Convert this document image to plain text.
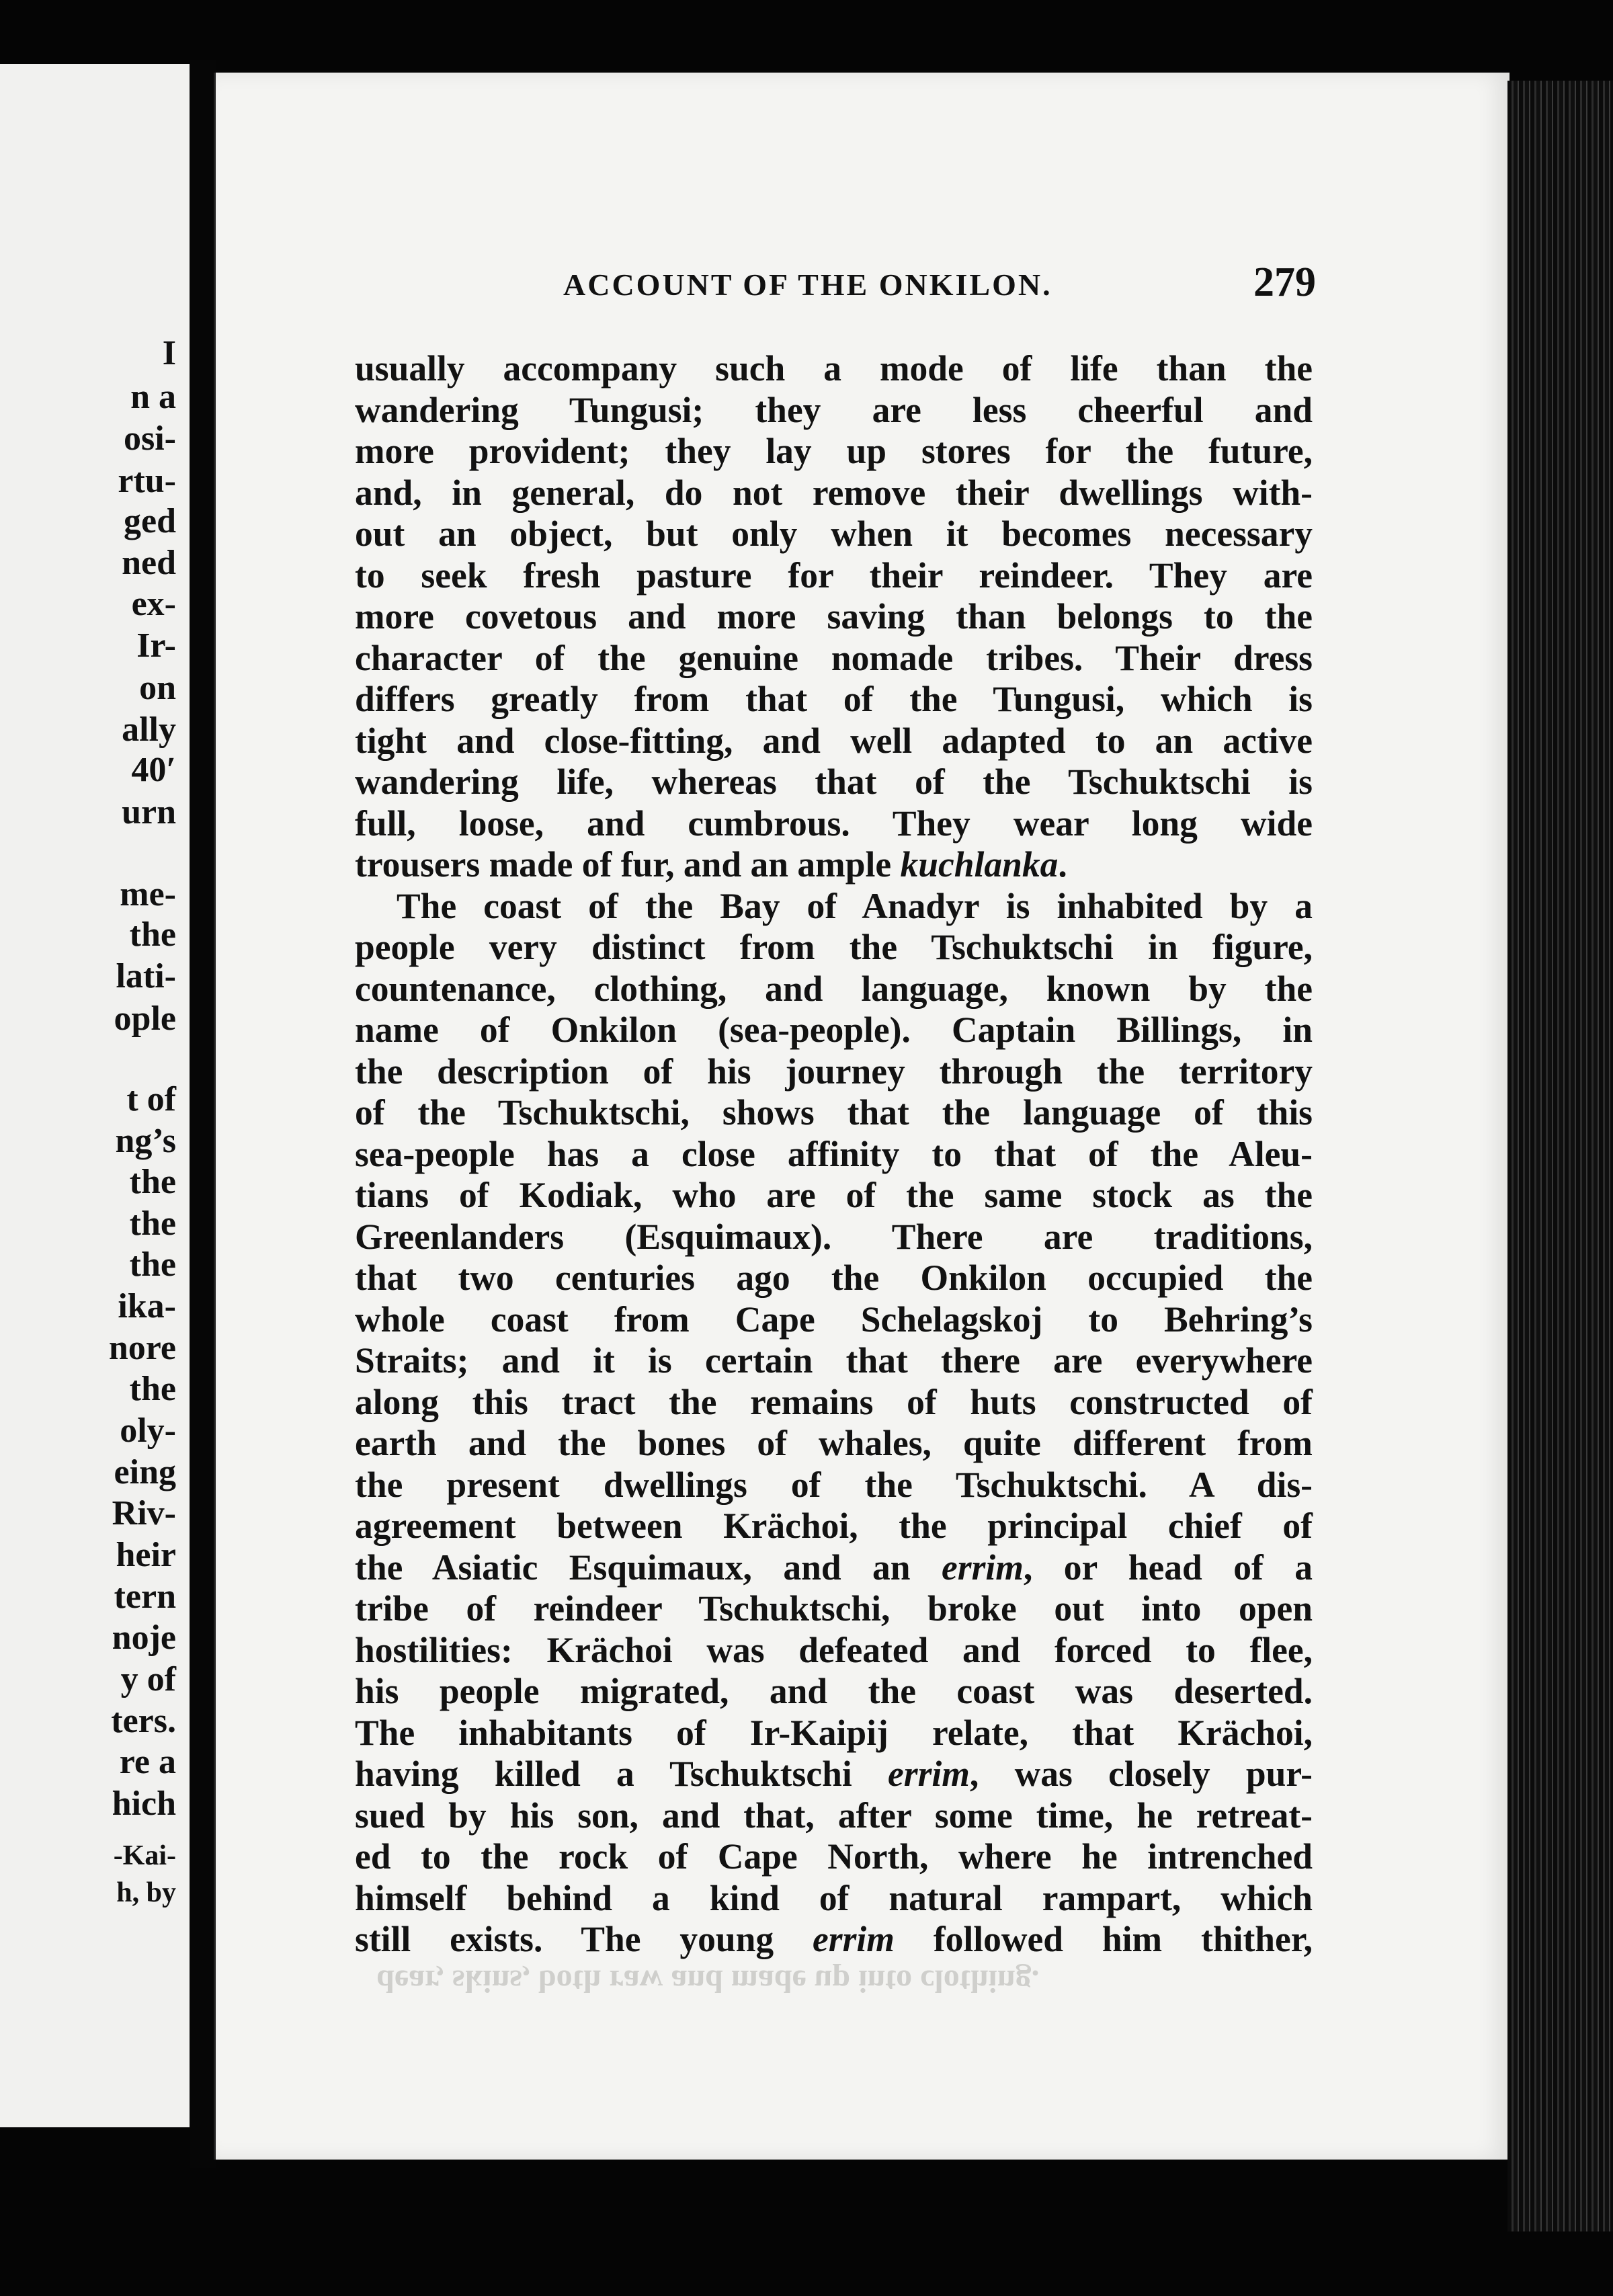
I
n a
osi-
rtu-
ged
ned
ex-
Ir-
on
ally
40′
urn
me-
the
lati-
ople
t of
ng’s
the
the
the
ika-
nore
the
oly-
eing
Riv-
heir
tern
noje
y of
ters.
re a
hich
-Kai-
h, by
ACCOUNT OF THE ONKILON.	279
usually accompany such a mode of life than the
wandering Tungusi; they are less cheerful and
more provident; they lay up stores for the future,
and, in general, do not remove their dwellings with-
out an object, but only when it becomes necessary
to seek fresh pasture for their reindeer. They are
more covetous and more saving than belongs to the
character of the genuine nomade tribes. Their dress
differs greatly from that of the Tungusi, which is
tight and close-fitting, and well adapted to an active
wandering life, whereas that of the Tschuktschi is
full, loose, and cumbrous. They wear long wide
trousers made of fur, and an ample kuchlanka.
The coast of the Bay of Anadyr is inhabited by a
people very distinct from the Tschuktschi in figure,
countenance, clothing, and language, known by the
name of Onkilon (sea-people). Captain Billings, in
the description of his journey through the territory
of the Tschuktschi, shows that the language of this
sea-people has a close affinity to that of the Aleu-
tians of Kodiak, who are of the same stock as the
Greenlanders (Esquimaux). There are traditions,
that two centuries ago the Onkilon occupied the
whole coast from Cape Schelagskoj to Behring’s
Straits; and it is certain that there are everywhere
along this tract the remains of huts constructed of
earth and the bones of whales, quite different from
the present dwellings of the Tschuktschi. A dis-
agreement between Krächoi, the principal chief of
the Asiatic Esquimaux, and an errim, or head of a
tribe of reindeer Tschuktschi, broke out into open
hostilities: Krächoi was defeated and forced to flee,
his people migrated, and the coast was deserted.
The inhabitants of Ir-Kaipij relate, that Krächoi,
having killed a Tschuktschi errim, was closely pur-
sued by his son, and that, after some time, he retreat-
ed to the rock of Cape North, where he intrenched
himself behind a kind of natural rampart, which
still exists. The young errim followed him thither,
dear, skins, both raw and made up into clothing.
